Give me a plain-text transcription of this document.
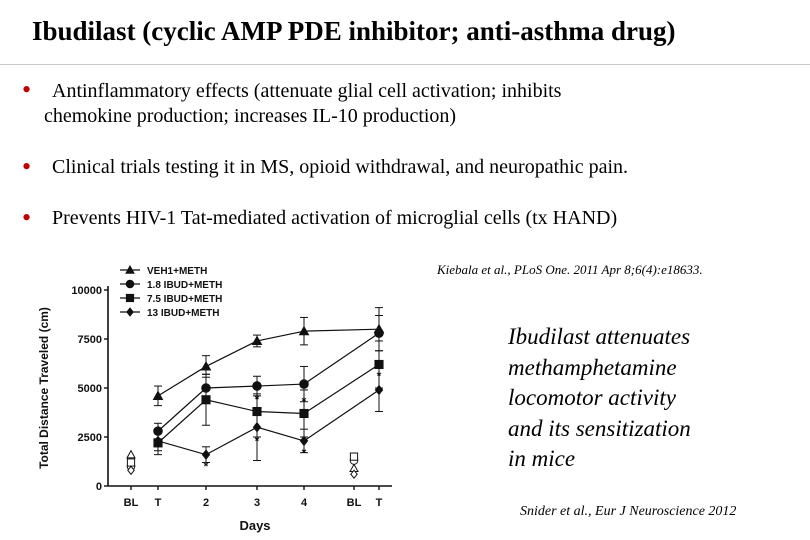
Ibudilast (cyclic AMP PDE inhibitor; anti-asthma drug)
• Antinflammatory effects (attenuate glial cell activation; inhibits
chemokine production; increases IL-10 production)
• Clinical trials testing it in MS, opioid withdrawal, and neuropathic pain.
• Prevents HIV-1 Tat-mediated activation of microglial cells (tx HAND)
Kiebala et al., PLoS One. 2011 Apr 8;6(4):e18633.
0
2500
5000
7500
10000
BL T	2	3	4	BL T
Total Distance Traveled (cm)
Days
*
*
*
*
*
*
VEH1+METH
1.8 IBUD+METH
7.5 IBUD+METH
13 IBUD+METH
Ibudilast attenuates
methamphetamine
locomotor activity
and its sensitization
in mice
Snider et al., Eur J Neuroscience 2012
